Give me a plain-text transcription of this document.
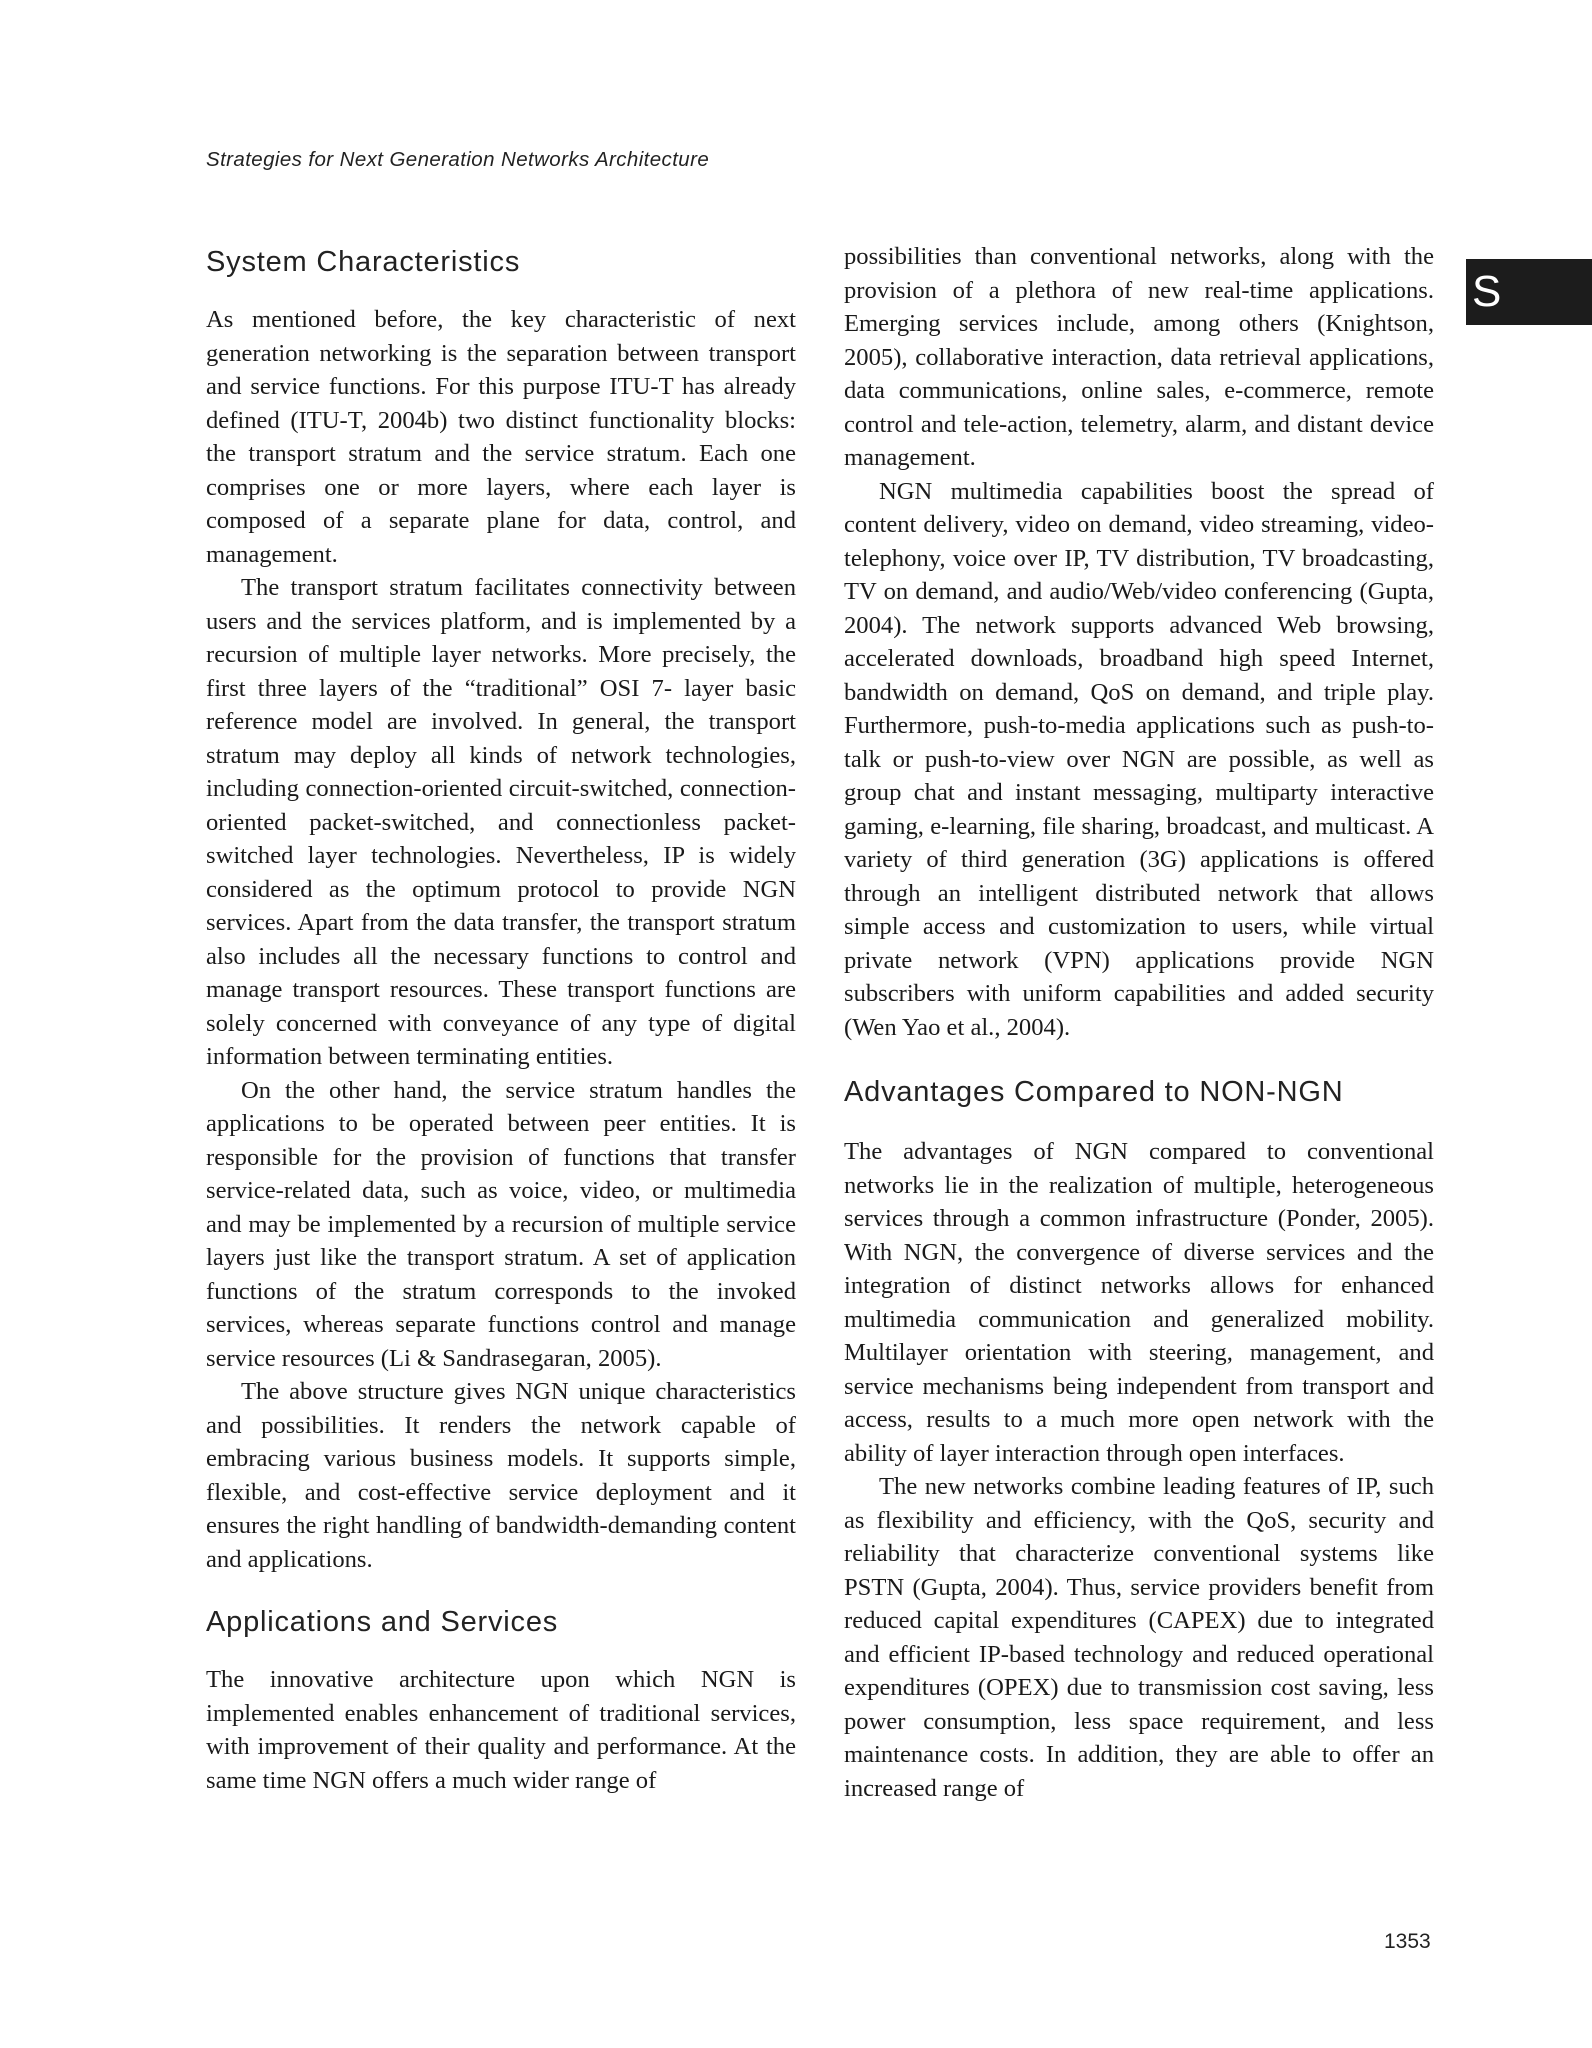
Strategies for Next Generation Networks Architecture
S
System Characteristics

As mentioned before, the key characteristic of next generation networking is the separation between transport and service functions. For this purpose ITU-T has already defined (ITU-T, 2004b) two distinct functionality blocks: the transport stratum and the service stratum. Each one comprises one or more layers, where each layer is composed of a separate plane for data, control, and management.

The transport stratum facilitates connectivity between users and the services platform, and is implemented by a recursion of multiple layer networks. More precisely, the first three layers of the “traditional” OSI 7- layer basic reference model are involved. In general, the transport stratum may deploy all kinds of network technologies, including connection-oriented circuit-switched, connection-oriented packet-switched, and connectionless packet-switched layer technologies. Nevertheless, IP is widely considered as the optimum protocol to provide NGN services. Apart from the data transfer, the transport stratum also includes all the necessary functions to control and manage transport resources. These transport functions are solely concerned with conveyance of any type of digital information between terminating entities.

On the other hand, the service stratum handles the applications to be operated between peer entities. It is responsible for the provision of functions that transfer service-related data, such as voice, video, or multimedia and may be implemented by a recursion of multiple service layers just like the transport stratum. A set of application functions of the stratum corresponds to the invoked services, whereas separate functions control and manage service resources (Li & Sandrasegaran, 2005).

The above structure gives NGN unique characteristics and possibilities. It renders the network capable of embracing various business models. It supports simple, flexible, and cost-effective service deployment and it ensures the right handling of bandwidth-demanding content and applications.

Applications and Services

The innovative architecture upon which NGN is implemented enables enhancement of traditional services, with improvement of their quality and performance. At the same time NGN offers a much wider range of

possibilities than conventional networks, along with the provision of a plethora of new real-time applications. Emerging services include, among others (Knightson, 2005), collaborative interaction, data retrieval applications, data communications, online sales, e-commerce, remote control and tele-action, telemetry, alarm, and distant device management.

NGN multimedia capabilities boost the spread of content delivery, video on demand, video streaming, video-telephony, voice over IP, TV distribution, TV broadcasting, TV on demand, and audio/Web/video conferencing (Gupta, 2004). The network supports advanced Web browsing, accelerated downloads, broadband high speed Internet, bandwidth on demand, QoS on demand, and triple play. Furthermore, push-to-media applications such as push-to-talk or push-to-view over NGN are possible, as well as group chat and instant messaging, multiparty interactive gaming, e-learning, file sharing, broadcast, and multicast. A variety of third generation (3G) applications is offered through an intelligent distributed network that allows simple access and customization to users, while virtual private network (VPN) applications provide NGN subscribers with uniform capabilities and added security (Wen Yao et al., 2004).

Advantages Compared to NON-NGN

The advantages of NGN compared to conventional networks lie in the realization of multiple, heterogeneous services through a common infrastructure (Ponder, 2005). With NGN, the convergence of diverse services and the integration of distinct networks allows for enhanced multimedia communication and generalized mobility. Multilayer orientation with steering, management, and service mechanisms being independent from transport and access, results to a much more open network with the ability of layer interaction through open interfaces.

The new networks combine leading features of IP, such as flexibility and efficiency, with the QoS, security and reliability that characterize conventional systems like PSTN (Gupta, 2004). Thus, service providers benefit from reduced capital expenditures (CAPEX) due to integrated and efficient IP-based technology and reduced operational expenditures (OPEX) due to transmission cost saving, less power consumption, less space requirement, and less maintenance costs. In addition, they are able to offer an increased range of

1353
